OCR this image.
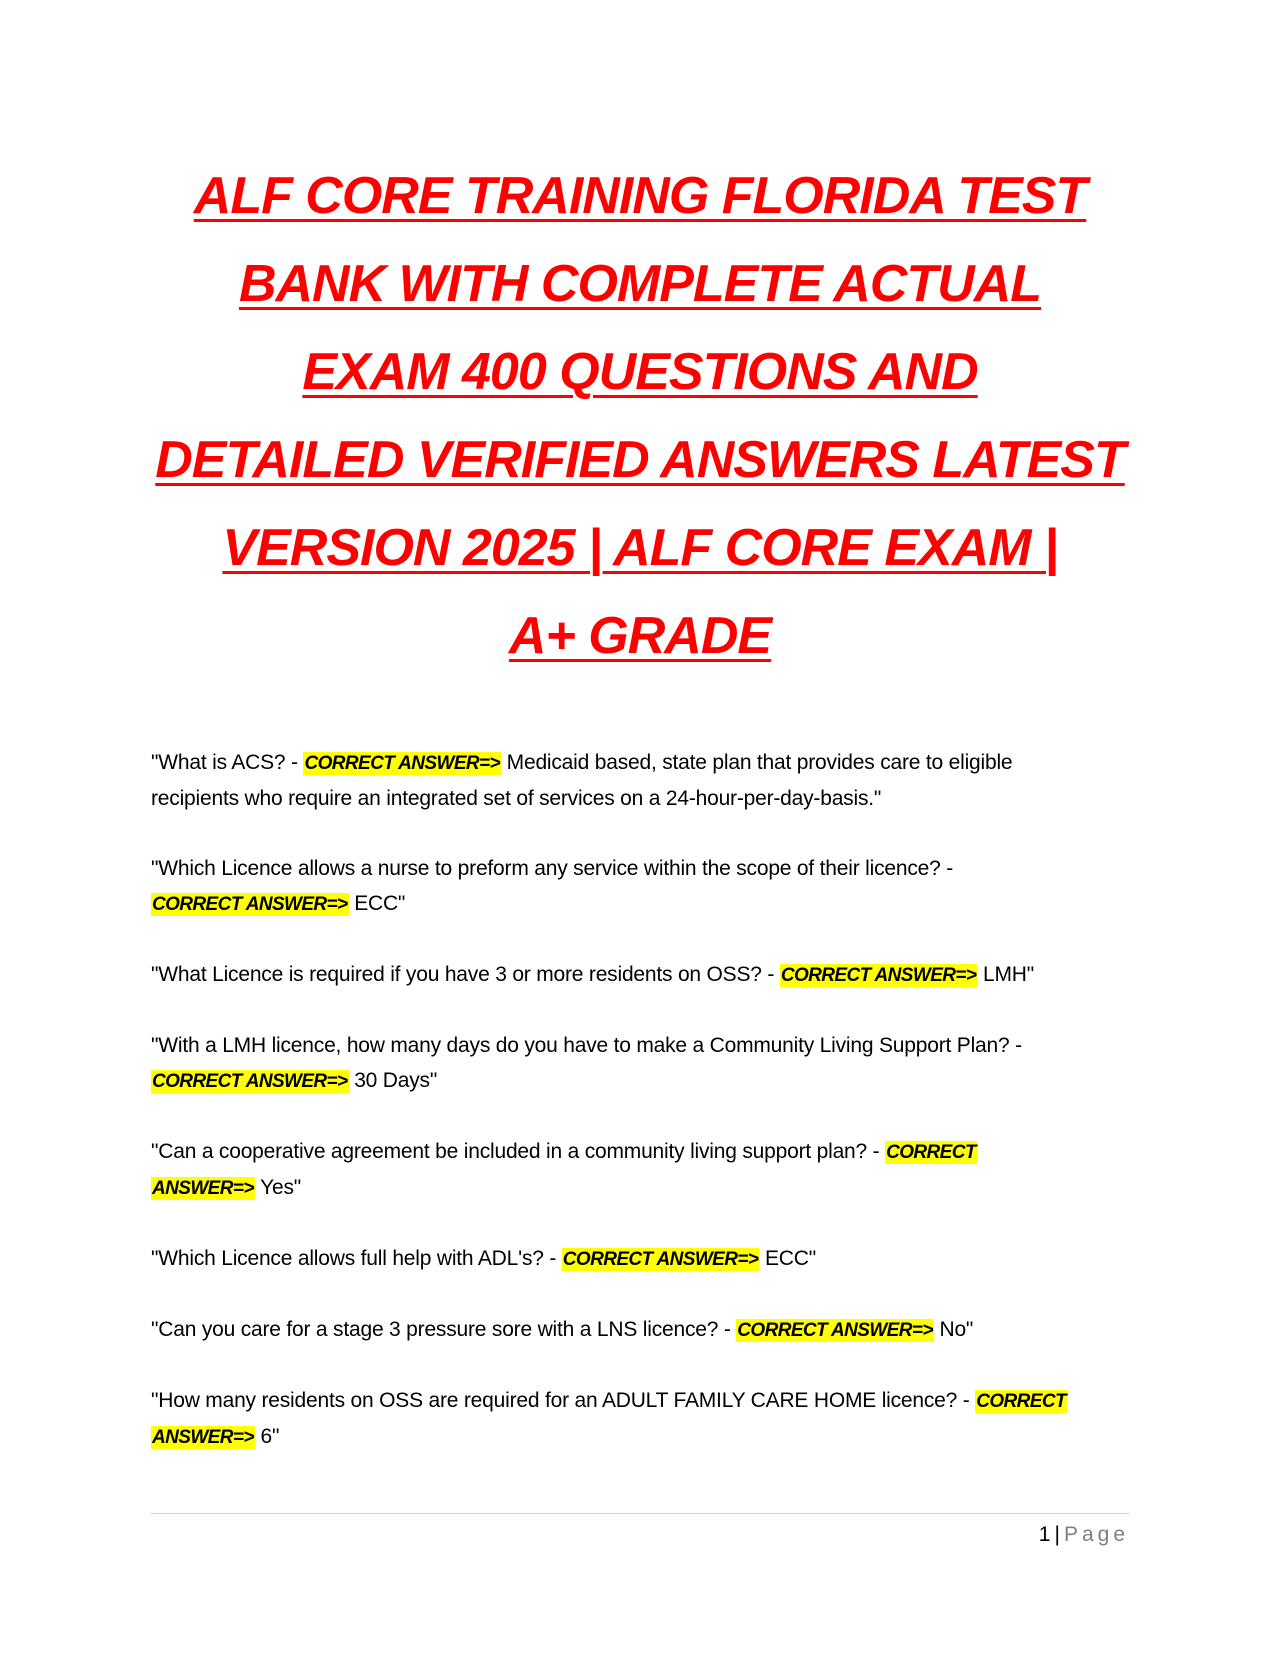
ALF CORE TRAINING FLORIDA TEST
BANK WITH COMPLETE ACTUAL
EXAM 400 QUESTIONS AND
DETAILED VERIFIED ANSWERS LATEST
VERSION 2025 | ALF CORE EXAM |
A+ GRADE

"What is ACS? - CORRECT ANSWER=> Medicaid based, state plan that provides care to eligible
recipients who require an integrated set of services on a 24-hour-per-day-basis."

"Which Licence allows a nurse to preform any service within the scope of their licence? -
CORRECT ANSWER=> ECC"

"What Licence is required if you have 3 or more residents on OSS? - CORRECT ANSWER=> LMH"

"With a LMH licence, how many days do you have to make a Community Living Support Plan? -
CORRECT ANSWER=> 30 Days"

"Can a cooperative agreement be included in a community living support plan? - CORRECT
ANSWER=> Yes"

"Which Licence allows full help with ADL's? - CORRECT ANSWER=> ECC"

"Can you care for a stage 3 pressure sore with a LNS licence? - CORRECT ANSWER=> No"

"How many residents on OSS are required for an ADULT FAMILY CARE HOME licence? - CORRECT
ANSWER=> 6"

1 | Page
